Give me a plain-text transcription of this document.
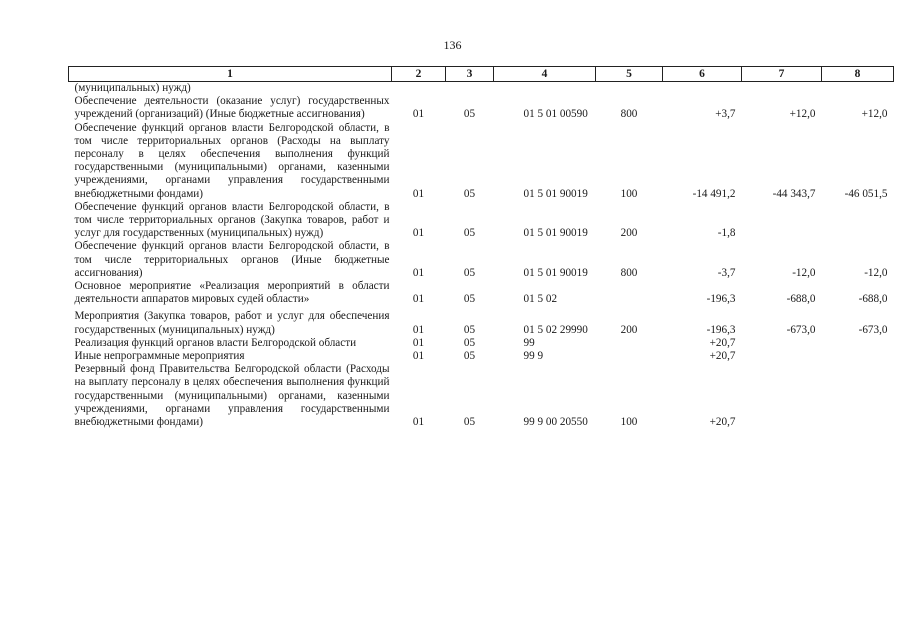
136
1	2	3	4	5	6	7	8
(муниципальных) нужд)							
Обеспечение деятельности (оказание услуг) государственных учреждений (организаций) (Иные бюджетные ассигнования)	01	05	01 5 01 00590	800	+3,7	+12,0	+12,0
Обеспечение функций органов власти Белгородской области, в том числе территориальных органов (Расходы на выплату персоналу в целях обеспечения выполнения функций государственными (муниципальными) органами, казенными учреждениями, органами управления государственными внебюджетными фондами)	01	05	01 5 01 90019	100	-14 491,2	-44 343,7	-46 051,5
Обеспечение функций органов власти Белгородской области, в том числе территориальных органов (Закупка товаров, работ и услуг для государственных (муниципальных) нужд)	01	05	01 5 01 90019	200	-1,8		
Обеспечение функций органов власти Белгородской области, в том числе территориальных органов (Иные бюджетные ассигнования)	01	05	01 5 01 90019	800	-3,7	-12,0	-12,0
Основное мероприятие «Реализация мероприятий в области деятельности аппаратов мировых судей области»	01	05	01 5 02		-196,3	-688,0	-688,0

Мероприятия (Закупка товаров, работ и услуг для обеспечения государственных (муниципальных) нужд)	01	05	01 5 02 29990	200	-196,3	-673,0	-673,0
Реализация функций органов власти Белгородской области	01	05	99		+20,7		
Иные непрограммные мероприятия	01	05	99 9		+20,7		
Резервный фонд Правительства Белгородской области (Расходы на выплату персоналу в целях обеспечения выполнения функций государственными (муниципальными) органами, казенными учреждениями, органами управления государственными внебюджетными фондами)	01	05	99 9 00 20550	100	+20,7		
